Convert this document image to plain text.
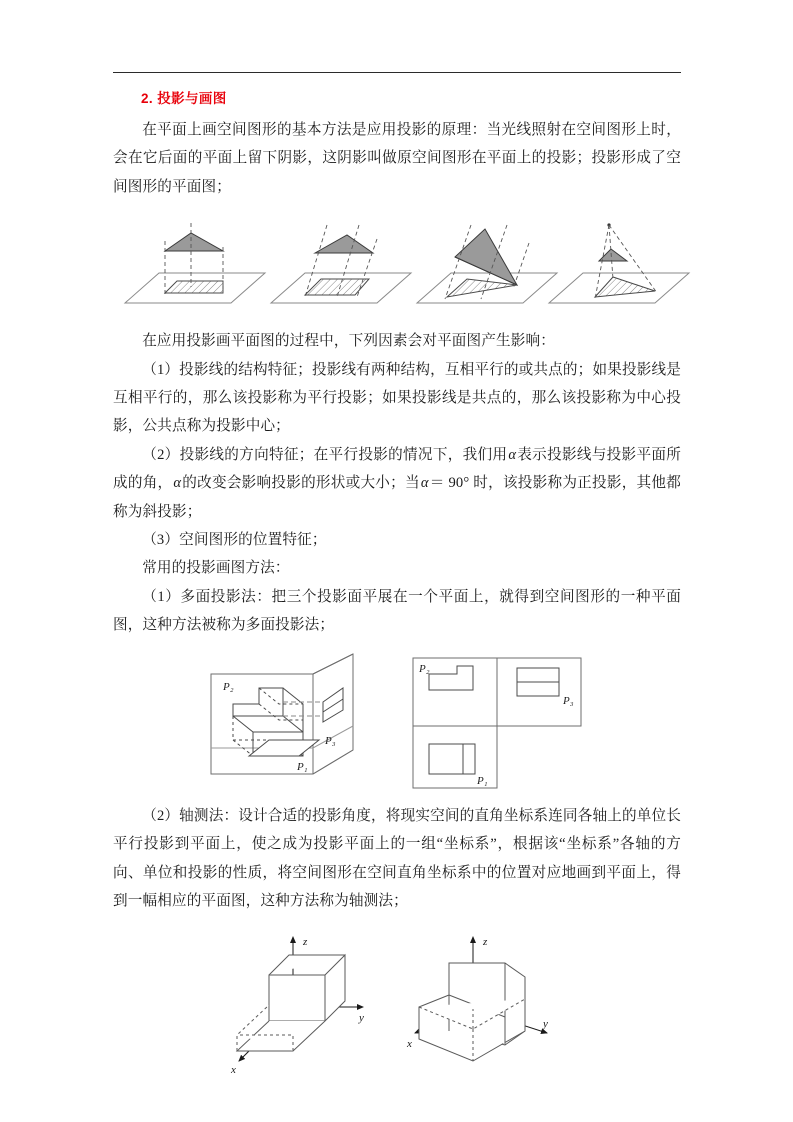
2. 投影与画图

在平面上画空间图形的基本方法是应用投影的原理：当光线照射在空间图形上时，会在它后面的平面上留下阴影，这阴影叫做原空间图形在平面上的投影；投影形成了空间图形的平面图；

在应用投影画平面图的过程中，下列因素会对平面图产生影响：

（1）投影线的结构特征；投影线有两种结构，互相平行的或共点的；如果投影线是互相平行的，那么该投影称为平行投影；如果投影线是共点的，那么该投影称为中心投影，公共点称为投影中心；

（2）投影线的方向特征；在平行投影的情况下，我们用α表示投影线与投影平面所成的角，α的改变会影响投影的形状或大小；当α＝ 90° 时，该投影称为正投影，其他都称为斜投影；

（3）空间图形的位置特征；

常用的投影画图方法：

（1）多面投影法：把三个投影面平展在一个平面上，就得到空间图形的一种平面图，这种方法被称为多面投影法；

P₂
P₃
P₁
P₂
P₃
P₁

（2）轴测法：设计合适的投影角度，将现实空间的直角坐标系连同各轴上的单位长平行投影到平面上，使之成为投影平面上的一组“坐标系”，根据该“坐标系”各轴的方向、单位和投影的性质，将空间图形在空间直角坐标系中的位置对应地画到平面上，得到一幅相应的平面图，这种方法称为轴测法；

z
y
x
z
y
x
